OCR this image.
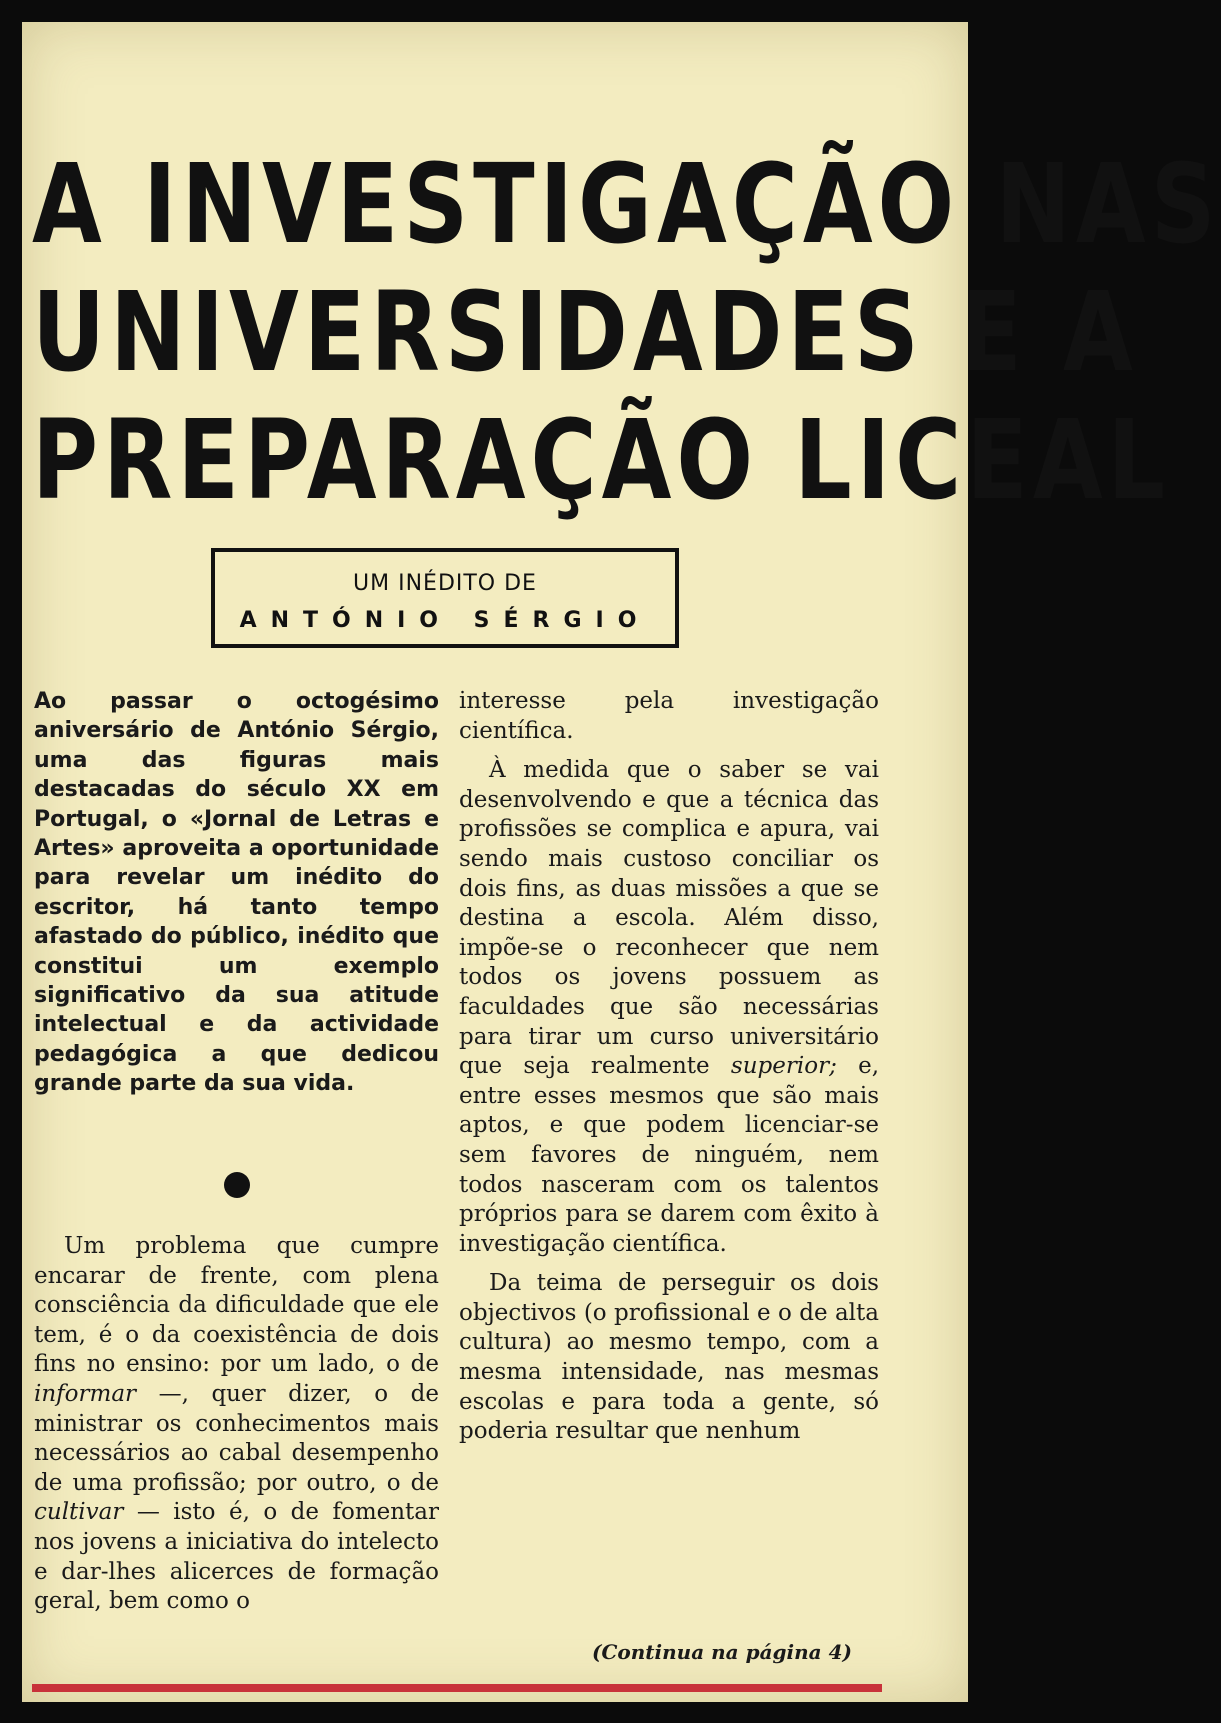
A INVESTIGAÇÃO NAS
UNIVERSIDADES E A
PREPARAÇÃO LICEAL
UM INÉDITO DE
ANTÓNIO SÉRGIO
Ao passar o octogésimo aniversário de António Sérgio, uma das figuras mais destacadas do século XX em Portugal, o «Jornal de Letras e Artes» aproveita a oportunidade para revelar um inédito do escritor, há tanto tempo afastado do público, inédito que constitui um exemplo significativo da sua atitude intelectual e da actividade pedagógica a que dedicou grande parte da sua vida.

Um problema que cumpre encarar de frente, com plena consciência da dificuldade que ele tem, é o da coexistência de dois fins no ensino: por um lado, o de informar —, quer dizer, o de ministrar os conhecimentos mais necessários ao cabal desempenho de uma profissão; por outro, o de cultivar — isto é, o de fomentar nos jovens a iniciativa do intelecto e dar-lhes alicerces de formação geral, bem como o

interesse pela investigação científica.

À medida que o saber se vai desenvolvendo e que a técnica das profissões se complica e apura, vai sendo mais custoso conciliar os dois fins, as duas missões a que se destina a escola. Além disso, impõe-se o reconhecer que nem todos os jovens possuem as faculdades que são necessárias para tirar um curso universitário que seja realmente superior; e, entre esses mesmos que são mais aptos, e que podem licenciar-se sem favores de ninguém, nem todos nasceram com os talentos próprios para se darem com êxito à investigação científica.

Da teima de perseguir os dois objectivos (o profissional e o de alta cultura) ao mesmo tempo, com a mesma intensidade, nas mesmas escolas e para toda a gente, só poderia resultar que nenhum

(Continua na página 4)
